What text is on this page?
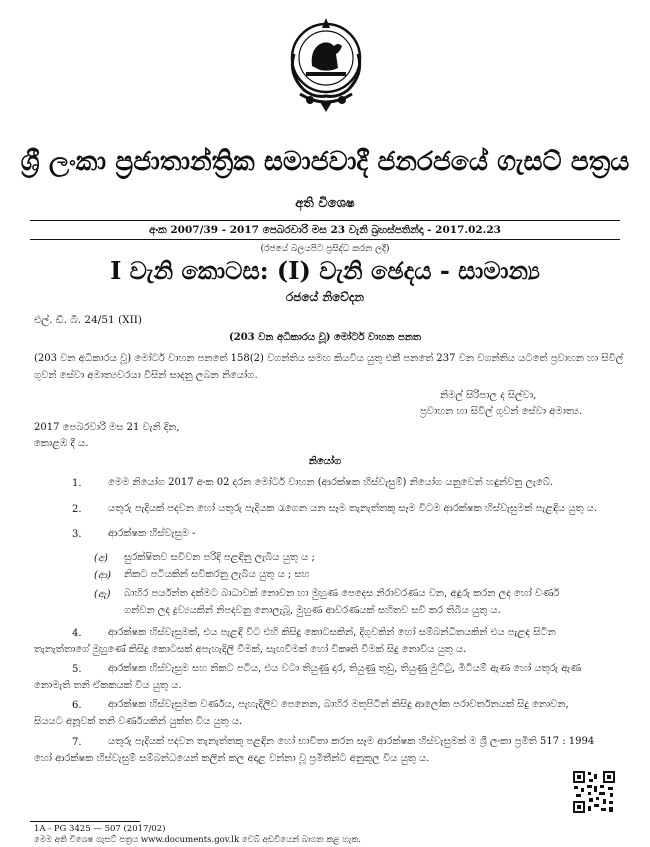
ශ්‍රී ලංකා ප්‍රජාතාන්ත්‍රික සමාජවාදී ජනරජයේ ගැසට් පත්‍රය
අති විශෙෂ
අංක 2007/39 - 2017 පෙබරවාරි මස 23 වැනි බ්‍රහස්පතින්දා - 2017.02.23
(රජයේ බලයපිට ප්‍රසිද්ධ කරන ලදී)
I වැනි කොටස: (I) වැනි ඡෙදය - සාමාන්‍ය
රජයේ නිවේදන
එල්. ඩී. බී. 24/51 (XII)
(203 වන අධිකාරය වූ) මෝටර් වාහන පනත
(203 වන අධිකාරය වූ) මෝටර් වාහන පනතේ 158(2) වගන්තිය සමඟ කියවිය යුතු එකී පනතේ 237 වන වගන්තිය යටතේ ප්‍රවාහන හා සිවිල් ගුවන් සේවා අමාත්‍යවරයා විසින් සාදනු ලබන නියෝග.
නිමල් සිරිපාල ද සිල්වා,
ප්‍රවාහන හා සිවිල් ගුවන් සේවා අමාත්‍ය.
2017 පෙබරවාරි මස 21 වැනි දින,
කොළඹ දී ය.
නියෝග
1.	මෙම නියෝග 2017 අංක 02 දරන මෝටර් වාහන (ආරක්ෂක හිස්වැසුම්) නියෝග යනුවෙන් හඳුන්වනු ලැබේ.
2.	යතුරු පැදියක් පදවන හෝ යතුරු පැදියක රැගෙන යන සෑම තැනැත්තකු සෑම විටම ආරක්ෂක හිස්වැසුමක් පැළඳිය යුතු ය.
3.	ආරක්ෂක හිස්වැසුම -
(අ) සුරක්ෂිතව සවිවන පරිදි පළඳිනු ලැබිය යුතු ය ;
(ආ) නිකට පටියකින් සවිකරනු ලැබිය යුතු ය ; සහ
(ඇ) බාහිර පර්යන්ත දක්මට බාධාවක් නොවන හා මුහුණ පෙදෙස නිරාවරණය වන, අඳුරු කරන ලද හෝ වර්ණ
ගන්වන ලද ද්‍රව්‍යයකින් නිපදවනු නොලැබූ, මුහුණ ආවරණයක් සහිතව සවි කර තිබිය යුතු ය.
4.	ආරක්ෂක හිස්වැසුමක්, එය පැළඳි විට එහි කිසිදු කොටසකින්, දිගුවකින් හෝ සම්බන්ධිතයකින් එය පැළඳ සිටින
තැනැත්තාගේ මුහුණේ කිසිදු කොටසක් අපැහැදිලි වීමක්, සැඟවීමක් හෝ විකෘති වීමක් සිදු නොවිය යුතු ය.
5.	ආරක්ෂක හිස්වැසුම සහ නිකට පටිය, එය වටා තියුණු දාර, තියුණු තුඩු, තියුණු මුට්ටු, මිටියම් ඇණ හෝ යතුරු ඇණ
නොමැති තනි ඒකකයක් විය යුතු ය.
6.	ආරක්ෂක හිස්වැසුමක වර්ණය, පැහැදිලිව පෙනෙන, බාහිර මතුපිටින් කිසිදු ආලෝක පරාවර්තනයක් සිදු නොවන,
සියයට අනූවක් තනි වර්ණයකින් යුක්ත විය යුතු ය.
7.	යතුරු පැදියක් පදවන තැනැත්තකු පළඳින හෝ භාවිතා කරන සෑම ආරක්ෂක හිස්වැසුමක් ම ශ්‍රී ලංකා ප්‍රමිති 517 : 1994
හෝ ආරක්ෂක හිස්වැසුම් සම්බන්ධයෙන් කලින් කල අදාළ වන්නා වූ ප්‍රමිතීන්ට අනුකූල විය යුතු ය.
1A - PG 3425 — 507 (2017/02)
මෙම අති විශෙෂ ගැසට් පත්‍රය www.documents.gov.lk වෙබ් අඩවියෙන් බාගත කළ හැක.
